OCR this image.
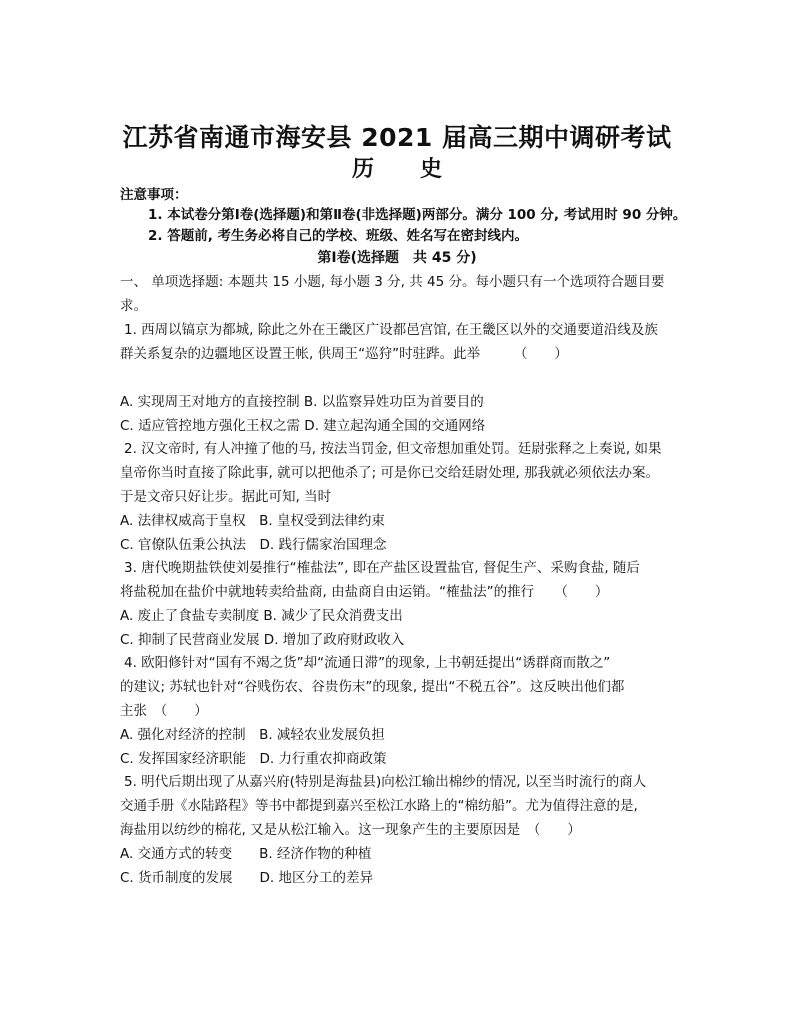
江苏省南通市海安县 2021 届高三期中调研考试
历 史
注意事项：
1. 本试卷分第Ⅰ卷(选择题)和第Ⅱ卷(非选择题)两部分。满分 100 分, 考试用时 90 分钟。
2. 答题前, 考生务必将自己的学校、班级、姓名写在密封线内。
第Ⅰ卷(选择题　共 45 分)
一、 单项选择题: 本题共 15 小题, 每小题 3 分, 共 45 分。每小题只有一个选项符合题目要
求。
1. 西周以镐京为都城, 除此之外在王畿区广设都邑宫馆, 在王畿区以外的交通要道沿线及族
群关系复杂的边疆地区设置王帐, 供周王“巡狩”时驻跸。此举　　　（　　）
A. 实现周王对地方的直接控制 B. 以监察异姓功臣为首要目的
C. 适应管控地方强化王权之需 D. 建立起沟通全国的交通网络
2. 汉文帝时, 有人冲撞了他的马, 按法当罚金, 但文帝想加重处罚。廷尉张释之上奏说, 如果
皇帝你当时直接了除此事, 就可以把他杀了; 可是你已交给廷尉处理, 那我就必须依法办案。
于是文帝只好让步。据此可知, 当时
A. 法律权威高于皇权　B. 皇权受到法律约束
C. 官僚队伍秉公执法　D. 践行儒家治国理念
3. 唐代晚期盐铁使刘晏推行“榷盐法”, 即在产盐区设置盐官, 督促生产、采购食盐, 随后
将盐税加在盐价中就地转卖给盐商, 由盐商自由运销。“榷盐法”的推行　　（　　）
A. 废止了食盐专卖制度 B. 减少了民众消费支出
C. 抑制了民营商业发展 D. 增加了政府财政收入
4. 欧阳修针对“国有不竭之货”却“流通日滞”的现象, 上书朝廷提出“诱群商而散之”
的建议; 苏轼也针对“谷贱伤农、谷贵伤末”的现象, 提出“不税五谷”。这反映出他们都
主张　（　　）
A. 强化对经济的控制　B. 减轻农业发展负担
C. 发挥国家经济职能　D. 力行重农抑商政策
5. 明代后期出现了从嘉兴府(特别是海盐县)向松江输出棉纱的情况, 以至当时流行的商人
交通手册《水陆路程》等书中都提到嘉兴至松江水路上的“棉纺船”。尤为值得注意的是,
海盐用以纺纱的棉花, 又是从松江输入。这一现象产生的主要原因是　（　　）
A. 交通方式的转变　　B. 经济作物的种植
C. 货币制度的发展　　D. 地区分工的差异
